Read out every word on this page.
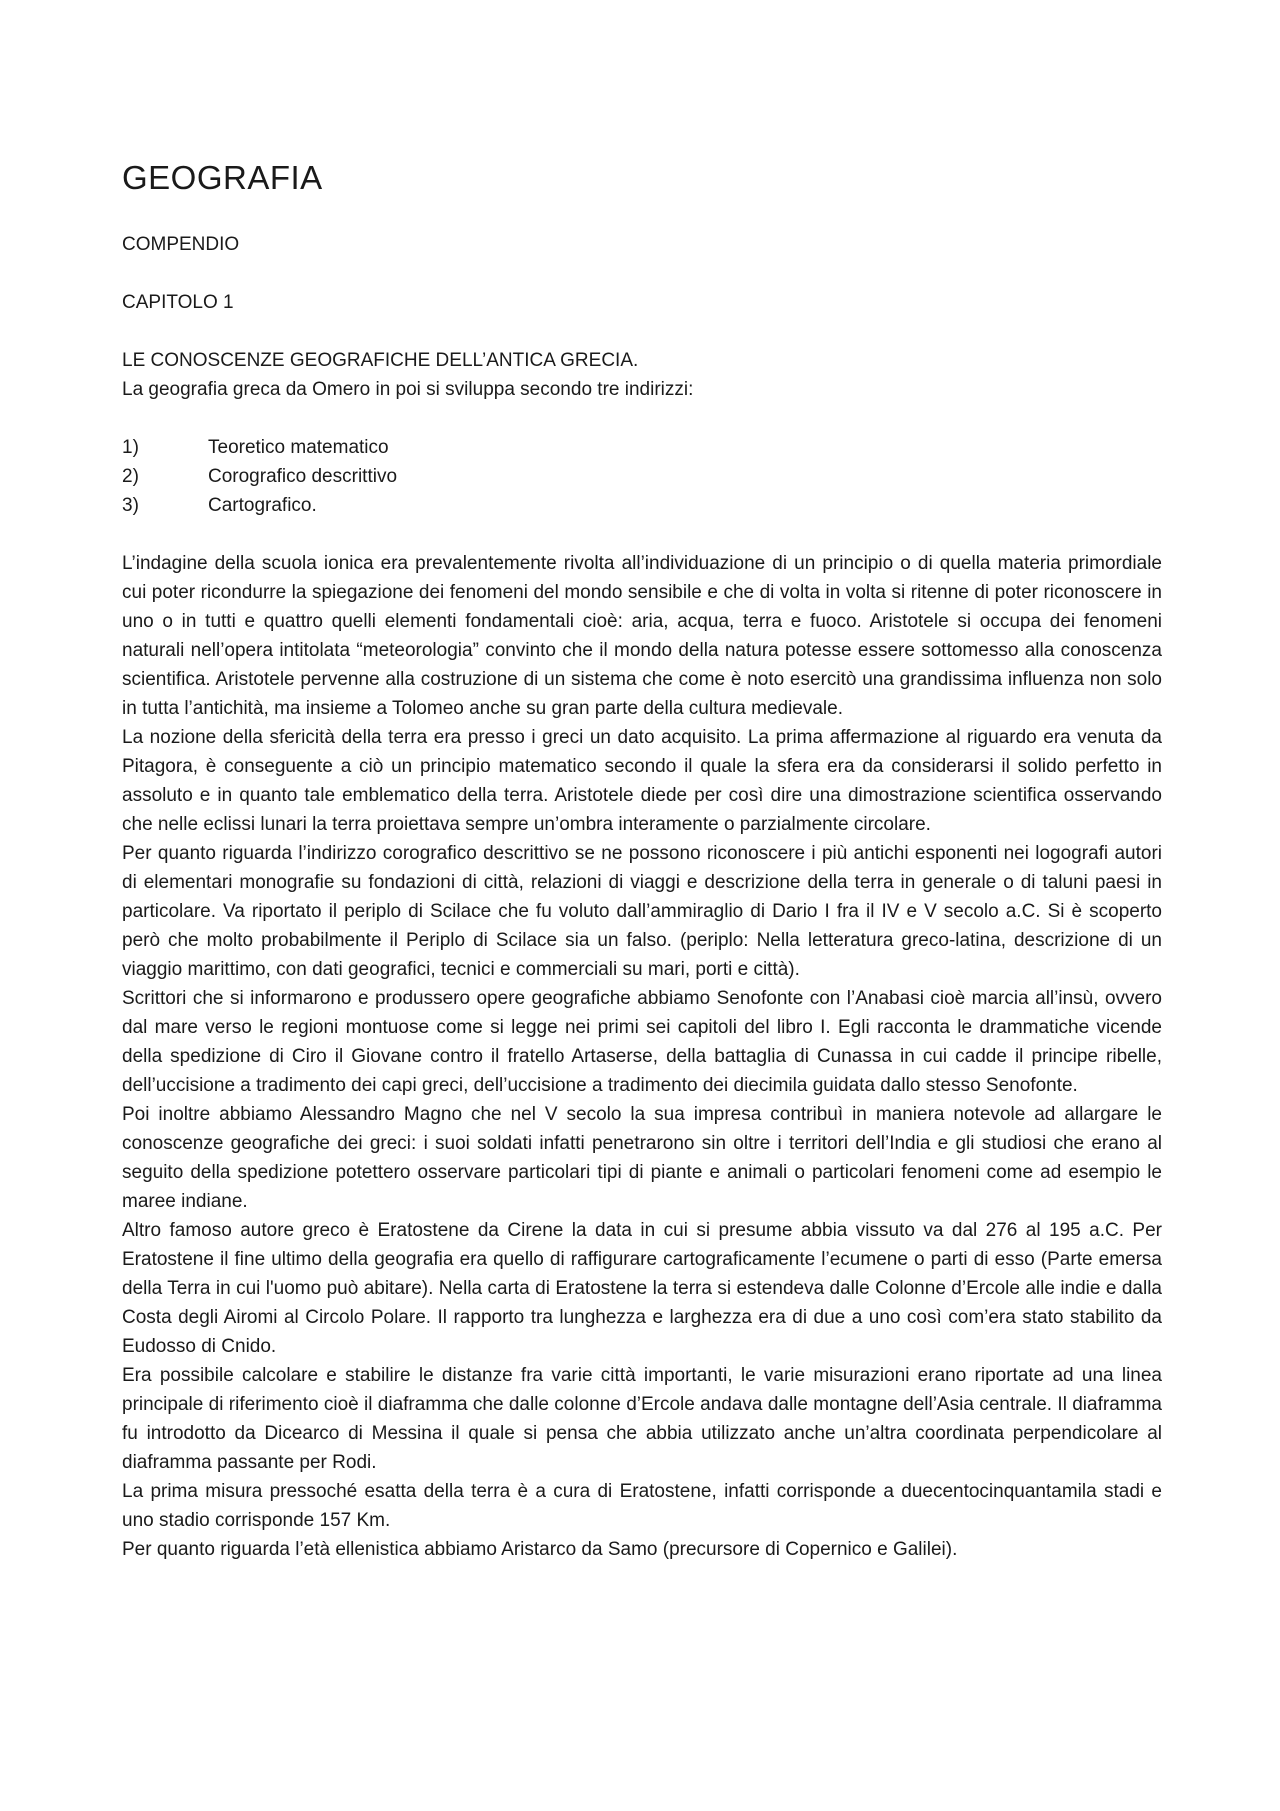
GEOGRAFIA
COMPENDIO
CAPITOLO 1
LE CONOSCENZE GEOGRAFICHE DELL’ANTICA GRECIA.
La geografia greca da Omero in poi si sviluppa secondo tre indirizzi:
1)	Teoretico matematico
2)	Corografico descrittivo
3)	Cartografico.

L’indagine della scuola ionica era prevalentemente rivolta all’individuazione di un principio o di quella materia primordiale cui poter ricondurre la spiegazione dei fenomeni del mondo sensibile e che di volta in volta si ritenne di poter riconoscere in uno o in tutti e quattro quelli elementi fondamentali cioè: aria, acqua, terra e fuoco. Aristotele si occupa dei fenomeni naturali nell’opera intitolata “meteorologia” convinto che il mondo della natura potesse essere sottomesso alla conoscenza scientifica. Aristotele pervenne alla costruzione di un sistema che come è noto esercitò una grandissima influenza non solo in tutta l’antichità, ma insieme a Tolomeo anche su gran parte della cultura medievale.

La nozione della sfericità della terra era presso i greci un dato acquisito. La prima affermazione al riguardo era venuta da Pitagora, è conseguente a ciò un principio matematico secondo il quale la sfera era da considerarsi il solido perfetto in assoluto e in quanto tale emblematico della terra. Aristotele diede per così dire una dimostrazione scientifica osservando che nelle eclissi lunari la terra proiettava sempre un’ombra interamente o parzialmente circolare.

Per quanto riguarda l’indirizzo corografico descrittivo se ne possono riconoscere i più antichi esponenti nei logografi autori di elementari monografie su fondazioni di città, relazioni di viaggi e descrizione della terra in generale o di taluni paesi in particolare. Va riportato il periplo di Scilace che fu voluto dall’ammiraglio di Dario I fra il IV e V secolo a.C. Si è scoperto però che molto probabilmente il Periplo di Scilace sia un falso. (periplo: Nella letteratura greco-latina, descrizione di un viaggio marittimo, con dati geografici, tecnici e commerciali su mari, porti e città).

Scrittori che si informarono e produssero opere geografiche abbiamo Senofonte con l’Anabasi cioè marcia all’insù, ovvero dal mare verso le regioni montuose come si legge nei primi sei capitoli del libro I. Egli racconta le drammatiche vicende della spedizione di Ciro il Giovane contro il fratello Artaserse, della battaglia di Cunassa in cui cadde il principe ribelle, dell’uccisione a tradimento dei capi greci, dell’uccisione a tradimento dei diecimila guidata dallo stesso Senofonte.

Poi inoltre abbiamo Alessandro Magno che nel V secolo la sua impresa contribuì in maniera notevole ad allargare le conoscenze geografiche dei greci: i suoi soldati infatti penetrarono sin oltre i territori dell’India e gli studiosi che erano al seguito della spedizione potettero osservare particolari tipi di piante e animali o particolari fenomeni come ad esempio le maree indiane.

Altro famoso autore greco è Eratostene da Cirene la data in cui si presume abbia vissuto va dal 276 al 195 a.C. Per Eratostene il fine ultimo della geografia era quello di raffigurare cartograficamente l’ecumene o parti di esso (Parte emersa della Terra in cui l'uomo può abitare). Nella carta di Eratostene la terra si estendeva dalle Colonne d’Ercole alle indie e dalla Costa degli Airomi al Circolo Polare. Il rapporto tra lunghezza e larghezza era di due a uno così com’era stato stabilito da Eudosso di Cnido.

Era possibile calcolare e stabilire le distanze fra varie città importanti, le varie misurazioni erano riportate ad una linea principale di riferimento cioè il diaframma che dalle colonne d’Ercole andava dalle montagne dell’Asia centrale. Il diaframma fu introdotto da Dicearco di Messina il quale si pensa che abbia utilizzato anche un’altra coordinata perpendicolare al diaframma passante per Rodi.

La prima misura pressoché esatta della terra è a cura di Eratostene, infatti corrisponde a duecentocinquantamila stadi e uno stadio corrisponde 157 Km.

Per quanto riguarda l’età ellenistica abbiamo Aristarco da Samo (precursore di Copernico e Galilei).
